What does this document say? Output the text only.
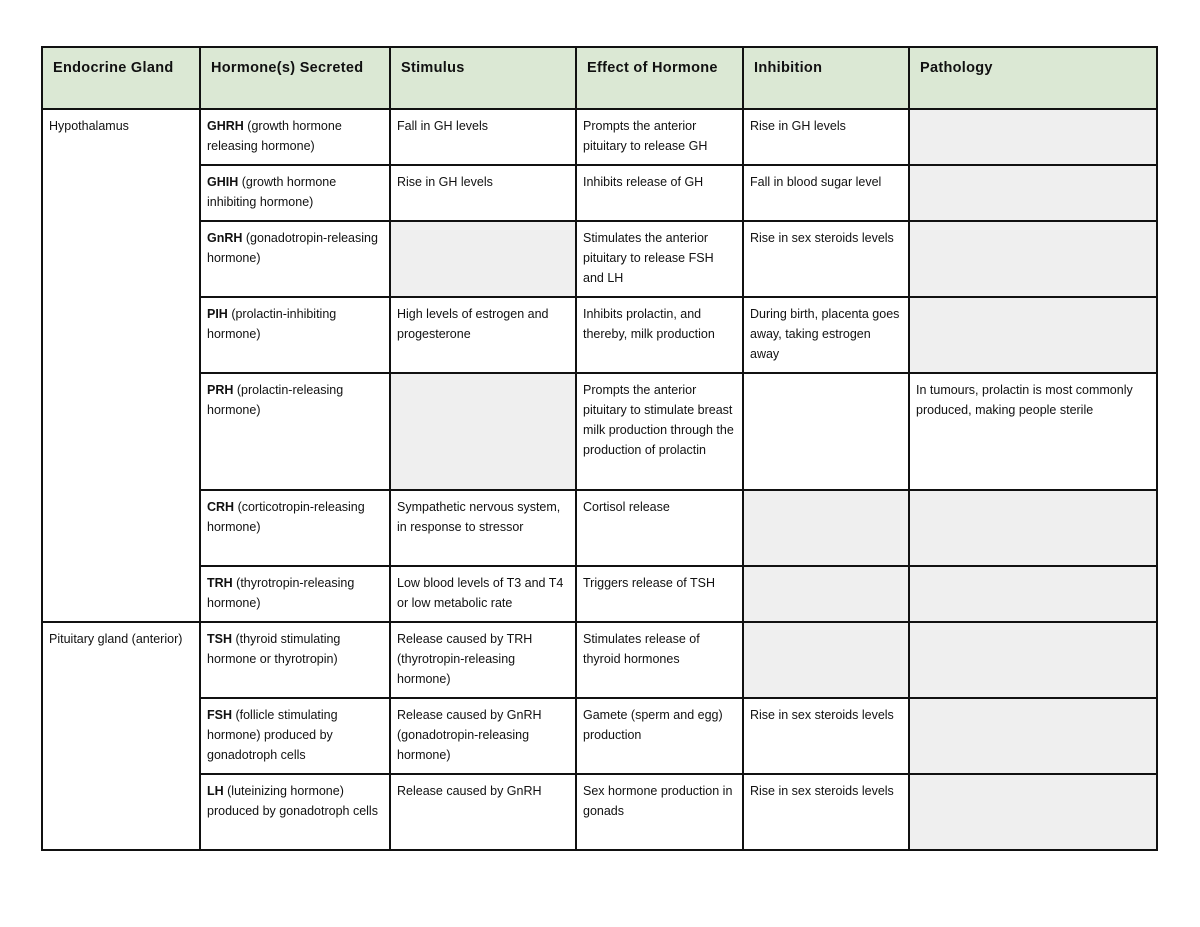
Endocrine Gland	Hormone(s) Secreted	Stimulus	Effect of Hormone	Inhibition	Pathology
Hypothalamus	GHRH (growth hormone releasing hormone)	Fall in GH levels	Prompts the anterior pituitary to release GH	Rise in GH levels	
	GHIH (growth hormone inhibiting hormone)	Rise in GH levels	Inhibits release of GH	Fall in blood sugar level	
	GnRH (gonadotropin-releasing hormone)		Stimulates the anterior pituitary to release FSH and LH	Rise in sex steroids levels	
	PIH (prolactin-inhibiting hormone)	High levels of estrogen and progesterone	Inhibits prolactin, and thereby, milk production	During birth, placenta goes away, taking estrogen away	
	PRH (prolactin-releasing hormone)		Prompts the anterior pituitary to stimulate breast milk production through the production of prolactin		In tumours, prolactin is most commonly produced, making people sterile
	CRH (corticotropin-releasing hormone)	Sympathetic nervous system, in response to stressor	Cortisol release		
	TRH (thyrotropin-releasing hormone)	Low blood levels of T3 and T4 or low metabolic rate	Triggers release of TSH		
Pituitary gland (anterior)	TSH (thyroid stimulating hormone or thyrotropin)	Release caused by TRH (thyrotropin-releasing hormone)	Stimulates release of thyroid hormones		
	FSH (follicle stimulating hormone) produced by gonadotroph cells	Release caused by GnRH (gonadotropin-releasing hormone)	Gamete (sperm and egg) production	Rise in sex steroids levels	
	LH (luteinizing hormone) produced by gonadotroph cells	Release caused by GnRH	Sex hormone production in gonads	Rise in sex steroids levels	
